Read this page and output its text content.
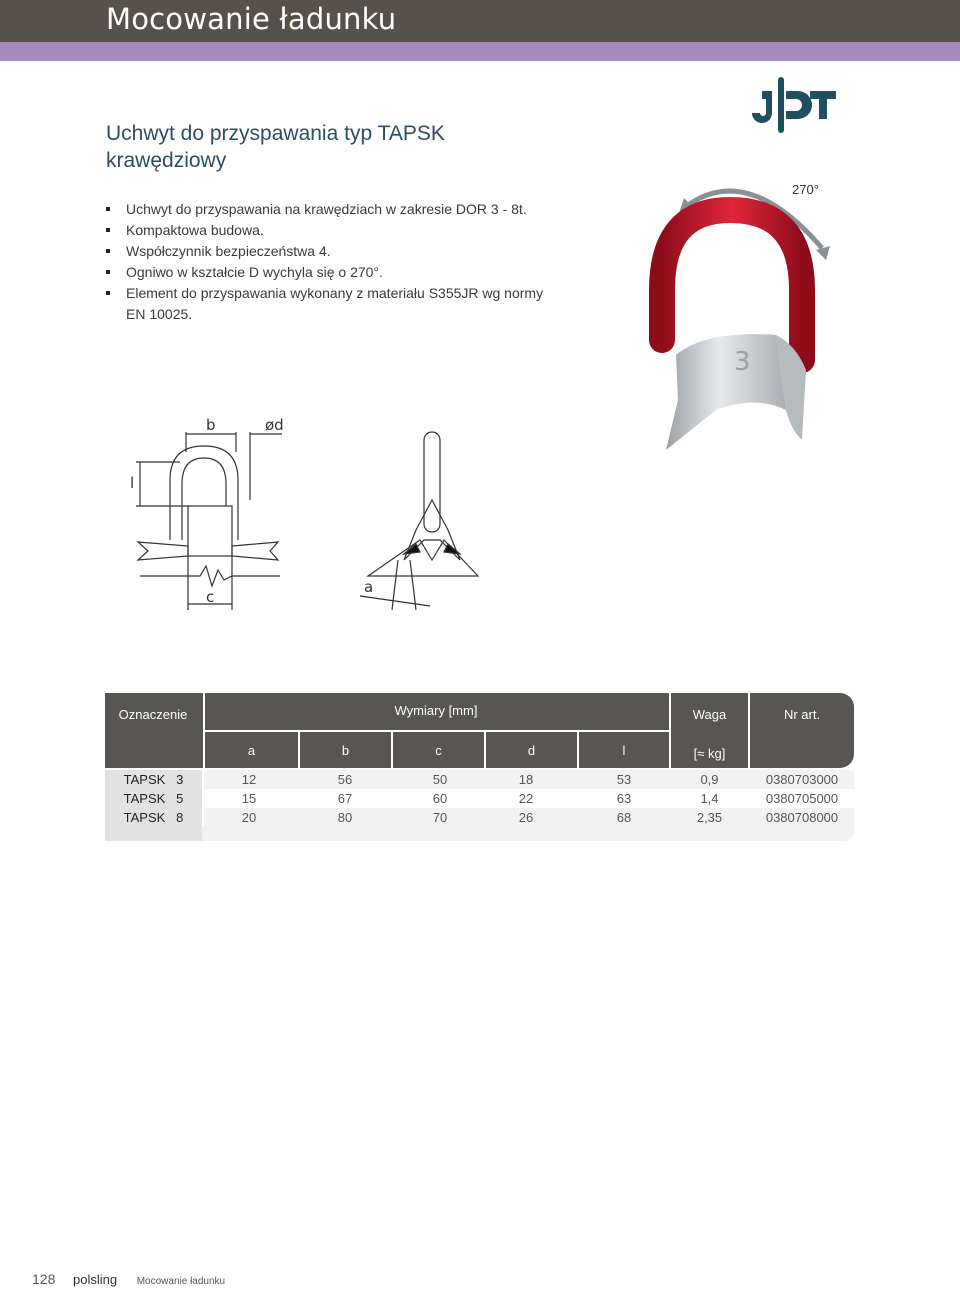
Mocowanie ładunku
Uchwyt do przyspawania typ TAPSK
krawędziowy
Uchwyt do przyspawania na krawędziach w zakresie DOR 3 - 8t.
Kompaktowa budowa.
Współczynnik bezpieczeństwa 4.
Ogniwo w kształcie D wychyla się o 270°.
Element do przyspawania wykonany z materiału S355JR wg normy EN 10025.
3
270°
b	ød
l
c
a
Oznaczenie	Wymiary [mm]	Waga
[≈ kg]
Nr art.
a	b	c	d	l
TAPSK 3	12	56	50	18	53	0,9	0380703000
TAPSK 5	15	67	60	22	63	1,4	0380705000
TAPSK 8	20	80	70	26	68	2,35	0380708000
128 polsling Mocowanie ładunku
